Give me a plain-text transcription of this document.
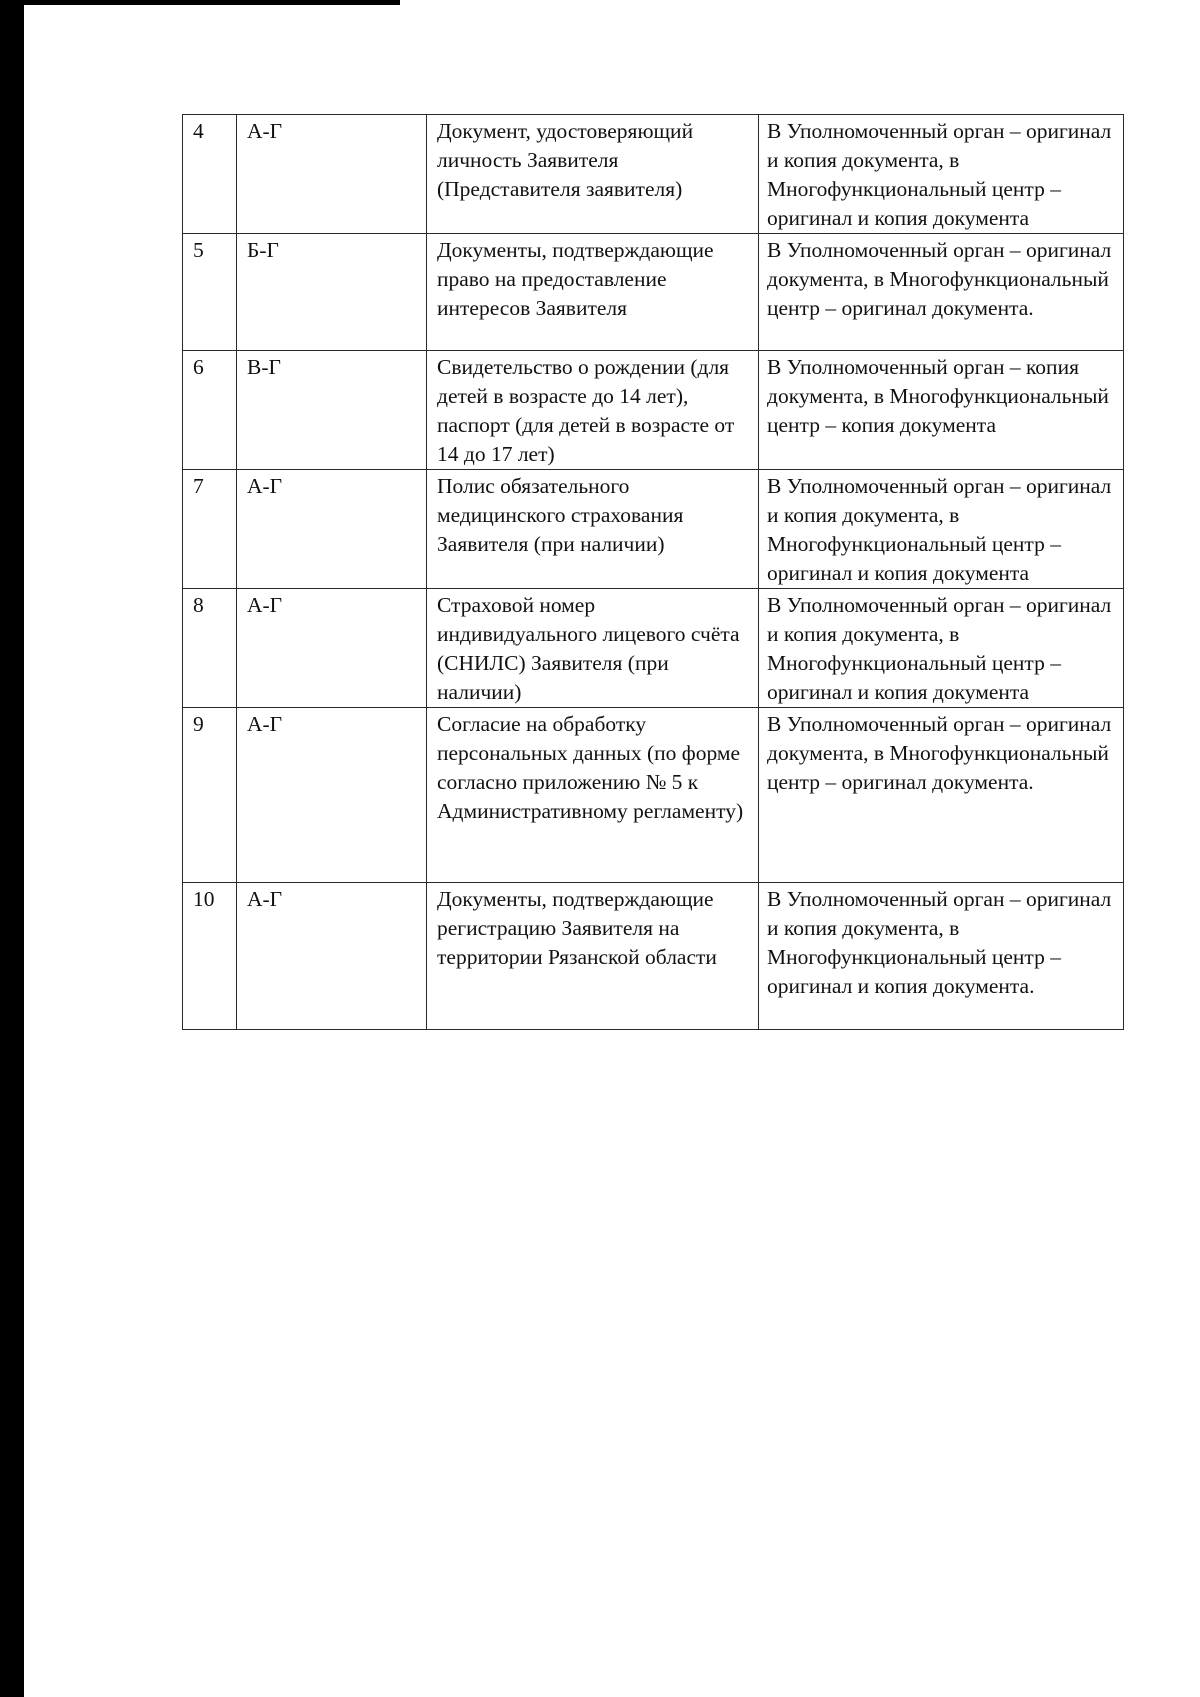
4	А-Г	Документ, удостоверяющий личность Заявителя (Представителя заявителя)	В Уполномоченный орган – оригинал и копия документа, в Многофункциональный центр – оригинал и копия документа
5	Б-Г	Документы, подтверждающие право на предоставление интересов Заявителя	В Уполномоченный орган – оригинал документа, в Многофункциональный центр – оригинал документа.
6	В-Г	Свидетельство о рождении (для детей в возрасте до 14 лет), паспорт (для детей в возрасте от 14 до 17 лет)	В Уполномоченный орган – копия документа, в Многофункциональный центр – копия документа
7	А-Г	Полис обязательного медицинского страхования Заявителя (при наличии)	В Уполномоченный орган – оригинал и копия документа, в Многофункциональный центр – оригинал и копия документа
8	А-Г	Страховой номер индивидуального лицевого счёта (СНИЛС) Заявителя (при наличии)	В Уполномоченный орган – оригинал и копия документа, в Многофункциональный центр – оригинал и копия документа
9	А-Г	Согласие на обработку персональных данных (по форме согласно приложению № 5 к Административному регламенту)	В Уполномоченный орган – оригинал документа, в Многофункциональный центр – оригинал документа.
10	А-Г	Документы, подтверждающие регистрацию Заявителя на территории Рязанской области	В Уполномоченный орган – оригинал и копия документа, в Многофункциональный центр – оригинал и копия документа.
